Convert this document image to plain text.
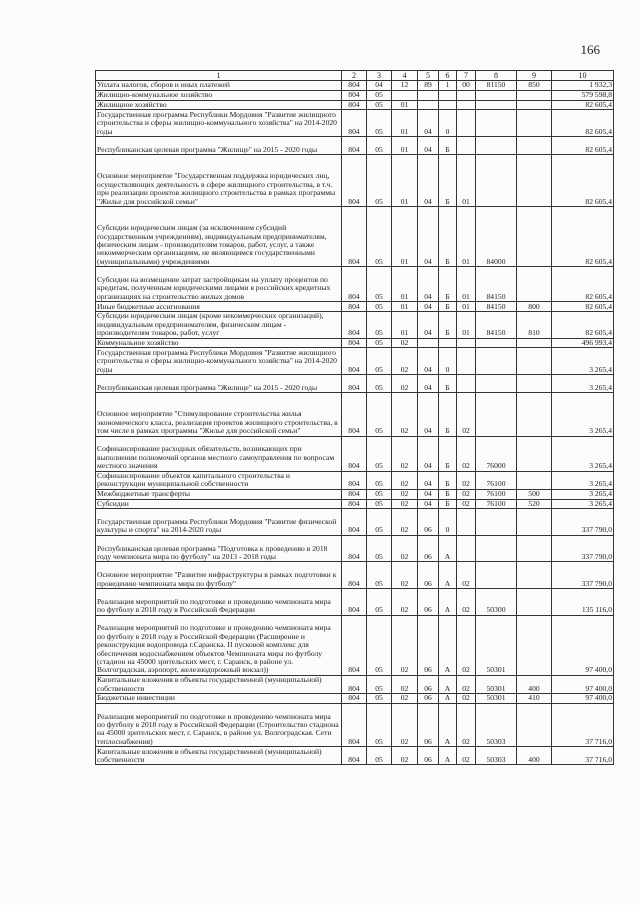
166
1	2	3	4	5	6	7	8	9	10
Уплата налогов, сборов и иных платежей	804	04	12	89	1	00	81150	850	1 932,3
Жилищно-коммунальное хозяйство	804	05							579 598,8
Жилищное хозяйство	804	05	01						82 605,4
Государственная программа Республики Мордовия "Развитие жилищного строительства и сферы жилищно-коммунального хозяйства" на 2014-2020 годы	804	05	01	04	0				82 605,4
Республиканская целевая программа "Жилище" на 2015 - 2020 годы	804	05	01	04	Б				82 605,4
Основное мероприятие "Государственная поддержка юридических лиц, осуществляющих деятельность в сфере жилищного строительства, в т.ч. при реализации проектов жилищного строительства в рамках программы "Жилье для российской семьи"	804	05	01	04	Б	01			82 605,4
Субсидии юридическим лицам (за исключением субсидий государственным учреждениям), индивидуальным предпринимателям, физическим лицам - производителям товаров, работ, услуг, а также некоммерческим организациям, не являющимся государственными (муниципальными) учреждениями	804	05	01	04	Б	01	84000		82 605,4
Субсидии на возмещение затрат застройщикам на уплату процентов по кредитам, полученным юридическими лицами в российских кредитных организациях на строительство жилых домов	804	05	01	04	Б	01	84150		82 605,4
Иные бюджетные ассигнования	804	05	01	04	Б	01	84150	800	82 605,4
Субсидии юридическим лицам (кроме некоммерческих организаций), индивидуальным предпринимателям, физическим лицам - производителям товаров, работ, услуг	804	05	01	04	Б	01	84150	810	82 605,4
Коммунальное хозяйство	804	05	02						496 993,4
Государственная программа Республики Мордовия "Развитие жилищного строительства и сферы жилищно-коммунального хозяйства" на 2014-2020 годы	804	05	02	04	0				3 265,4
Республиканская целевая программа "Жилище" на 2015 - 2020 годы	804	05	02	04	Б				3 265,4
Основное мероприятие "Стимулирование строительства жилья экономического класса, реализация проектов жилищного строительства, в том числе в рамках программы "Жилье для российской семьи"	804	05	02	04	Б	02			3 265,4
Софинансирование расходных обязательств, возникающих при выполнении полномочий органов местного самоуправления по вопросам местного значения	804	05	02	04	Б	02	76000		3 265,4
Софинансирование объектов капитального строительства и реконструкции муниципальной собственности	804	05	02	04	Б	02	76100		3 265,4
Межбюджетные трансферты	804	05	02	04	Б	02	76100	500	3 265,4
Субсидии	804	05	02	04	Б	02	76100	520	3 265,4
Государственная программа Республики Мордовия "Развитие физической культуры и спорта" на 2014-2020 годы	804	05	02	06	0				337 790,0
Республиканская целевая программа "Подготовка к проведению в 2018 году чемпионата мира по футболу" на 2013 - 2018 годы	804	05	02	06	А				337 790,0
Основное мероприятие "Развитие инфраструктуры в рамках подготовки к проведению чемпионата мира по футболу"	804	05	02	06	А	02			337 790,0
Реализация мероприятий по подготовке и проведению чемпионата мира по футболу в 2018 году в Российской Федерации	804	05	02	06	А	02	50300		135 116,0
Реализация мероприятий по подготовке и проведению чемпионата мира по футболу в 2018 году в Российской Федерации (Расширение и реконструкция водопровода г.Саранска. II пусковой комплекс для обеспечения водоснабжением объектов Чемпионата мира по футболу (стадион на 45000 зрительских мест, г. Саранск, в районе ул. Волгоградская, аэропорт, железнодорожный вокзал))	804	05	02	06	А	02	50301		97 400,0
Капитальные вложения в объекты государственной (муниципальной) собственности	804	05	02	06	А	02	50301	400	97 400,0
Бюджетные инвестиции	804	05	02	06	А	02	50301	410	97 400,0
Реализация мероприятий по подготовке и проведению чемпионата мира по футболу в 2018 году в Российской Федерации (Строительство стадиона на 45000 зрительских мест, г. Саранск, в районе ул. Волгоградская. Сети теплоснабжения)	804	05	02	06	А	02	50303		37 716,0
Капитальные вложения в объекты государственной (муниципальной) собственности	804	05	02	06	А	02	50303	400	37 716,0
